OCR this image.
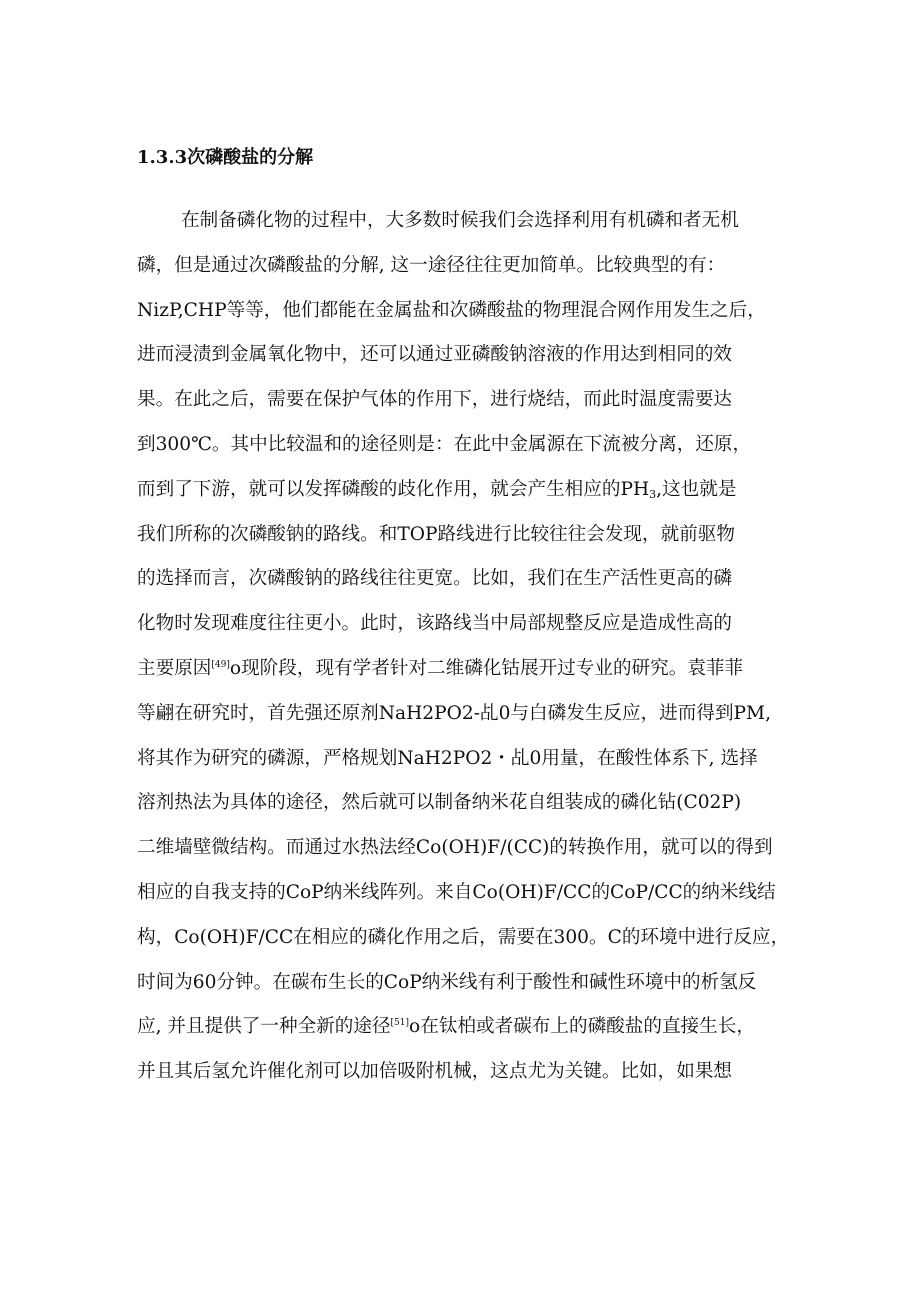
1.3.3次磷酸盐的分解
在制备磷化物的过程中，大多数时候我们会选择利用有机磷和者无机
磷，但是通过次磷酸盐的分解, 这一途径往往更加简单。比较典型的有：
NizP,CHP等等，他们都能在金属盐和次磷酸盐的物理混合网作用发生之后，
进而浸渍到金属氧化物中，还可以通过亚磷酸钠溶液的作用达到相同的效
果。在此之后，需要在保护气体的作用下，进行烧结，而此时温度需要达
到300℃。其中比较温和的途径则是：在此中金属源在下流被分离，还原，
而到了下游，就可以发挥磷酸的歧化作用，就会产生相应的$PH_3$,这也就是
我们所称的次磷酸钠的路线。和TOP路线进行比较往往会发现，就前驱物
的选择而言，次磷酸钠的路线往往更宽。比如，我们在生产活性更高的磷
化物时发现难度往往更小。此时，该路线当中局部规整反应是造成性高的
主要原因[49]o现阶段，现有学者针对二维磷化钴展开过专业的研究。袁菲菲
等翩在研究时，首先强还原剂NaH2PO2-乩0与白磷发生反应，进而得到PM,
将其作为研究的磷源，严格规划NaH2PO2・乩0用量，在酸性体系下, 选择
溶剂热法为具体的途径，然后就可以制备纳米花自组装成的磷化钻(C02P)
二维墙壁微结构。而通过水热法经Co(OH)F/(CC)的转换作用，就可以的得到
相应的自我支持的CoP纳米线阵列。来自Co(OH)F/CC的CoP/CC的纳米线结
构，Co(OH)F/CC在相应的磷化作用之后，需要在300。C的环境中进行反应，
时间为60分钟。在碳布生长的CoP纳米线有利于酸性和碱性环境中的析氢反
应, 并且提供了一种全新的途径[51]o在钛柏或者碳布上的磷酸盐的直接生长，
并且其后氢允许催化剂可以加倍吸附机械，这点尤为关键。比如，如果想
